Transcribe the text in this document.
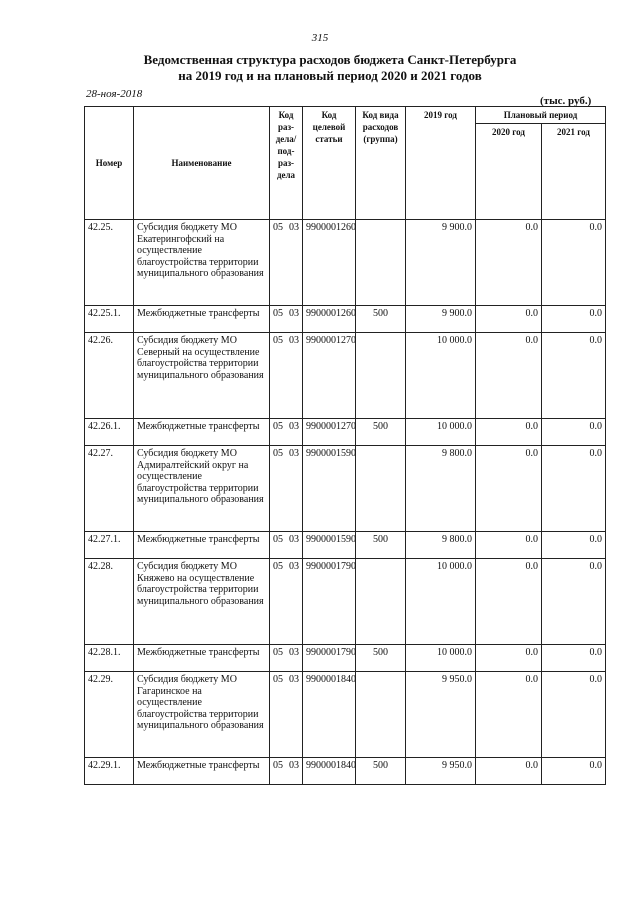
315
Ведомственная структура расходов бюджета Санкт-Петербурга
на 2019 год и на плановый период 2020 и 2021 годов
28-ноя-2018
(тыс. руб.)
Номер	Наименование	Код раз-дела/ под-раз-дела	Код целевой статьи	Код вида расходов (группа)	2019 год	Плановый период	
						2020 год	2021 год
42.25.	Субсидия бюджету МО Екатерингофский на осуществление благоустройства территории муниципального образования	05 03	9900001260		9 900.0	0.0	0.0
42.25.1.	Межбюджетные трансферты	05 03	9900001260	500	9 900.0	0.0	0.0
42.26.	Субсидия бюджету МО Северный на осуществление благоустройства территории муниципального образования	05 03	9900001270		10 000.0	0.0	0.0
42.26.1.	Межбюджетные трансферты	05 03	9900001270	500	10 000.0	0.0	0.0
42.27.	Субсидия бюджету МО Адмиралтейский округ на осуществление благоустройства территории муниципального образования	05 03	9900001590		9 800.0	0.0	0.0
42.27.1.	Межбюджетные трансферты	05 03	9900001590	500	9 800.0	0.0	0.0
42.28.	Субсидия бюджету МО Княжево на осуществление благоустройства территории муниципального образования	05 03	9900001790		10 000.0	0.0	0.0
42.28.1.	Межбюджетные трансферты	05 03	9900001790	500	10 000.0	0.0	0.0
42.29.	Субсидия бюджету МО Гагаринское на осуществление благоустройства территории муниципального образования	05 03	9900001840		9 950.0	0.0	0.0
42.29.1.	Межбюджетные трансферты	05 03	9900001840	500	9 950.0	0.0	0.0
